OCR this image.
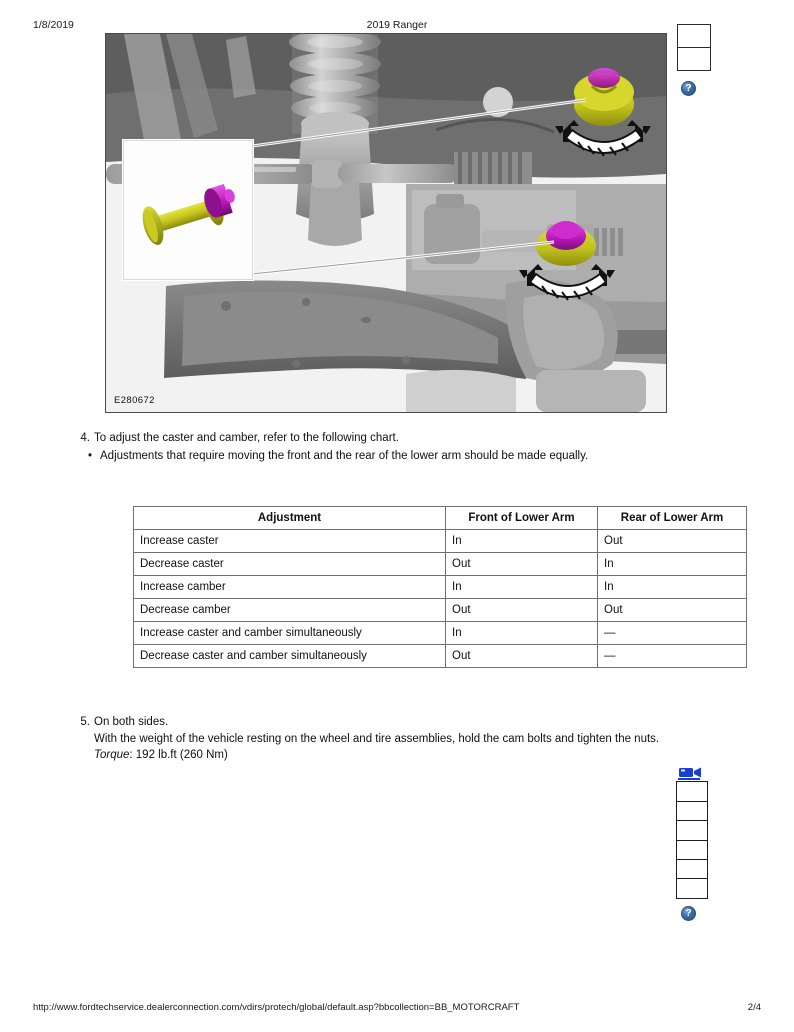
1/8/2019	2019 Ranger
E280672
?
4. To adjust the caster and camber, refer to the following chart.
• Adjustments that require moving the front and the rear of the lower arm should be made equally.
Adjustment	Front of Lower Arm	Rear of Lower Arm
Increase caster	In	Out
Decrease caster	Out	In
Increase camber	In	In
Decrease camber	Out	Out
Increase caster and camber simultaneously	In	—
Decrease caster and camber simultaneously	Out	—
5. On both sides.
With the weight of the vehicle resting on the wheel and tire assemblies, hold the cam bolts and tighten the nuts.
Torque: 192 lb.ft (260 Nm)
?
http://www.fordtechservice.dealerconnection.com/vdirs/protech/global/default.asp?bbcollection=BB_MOTORCRAFT	2/4
